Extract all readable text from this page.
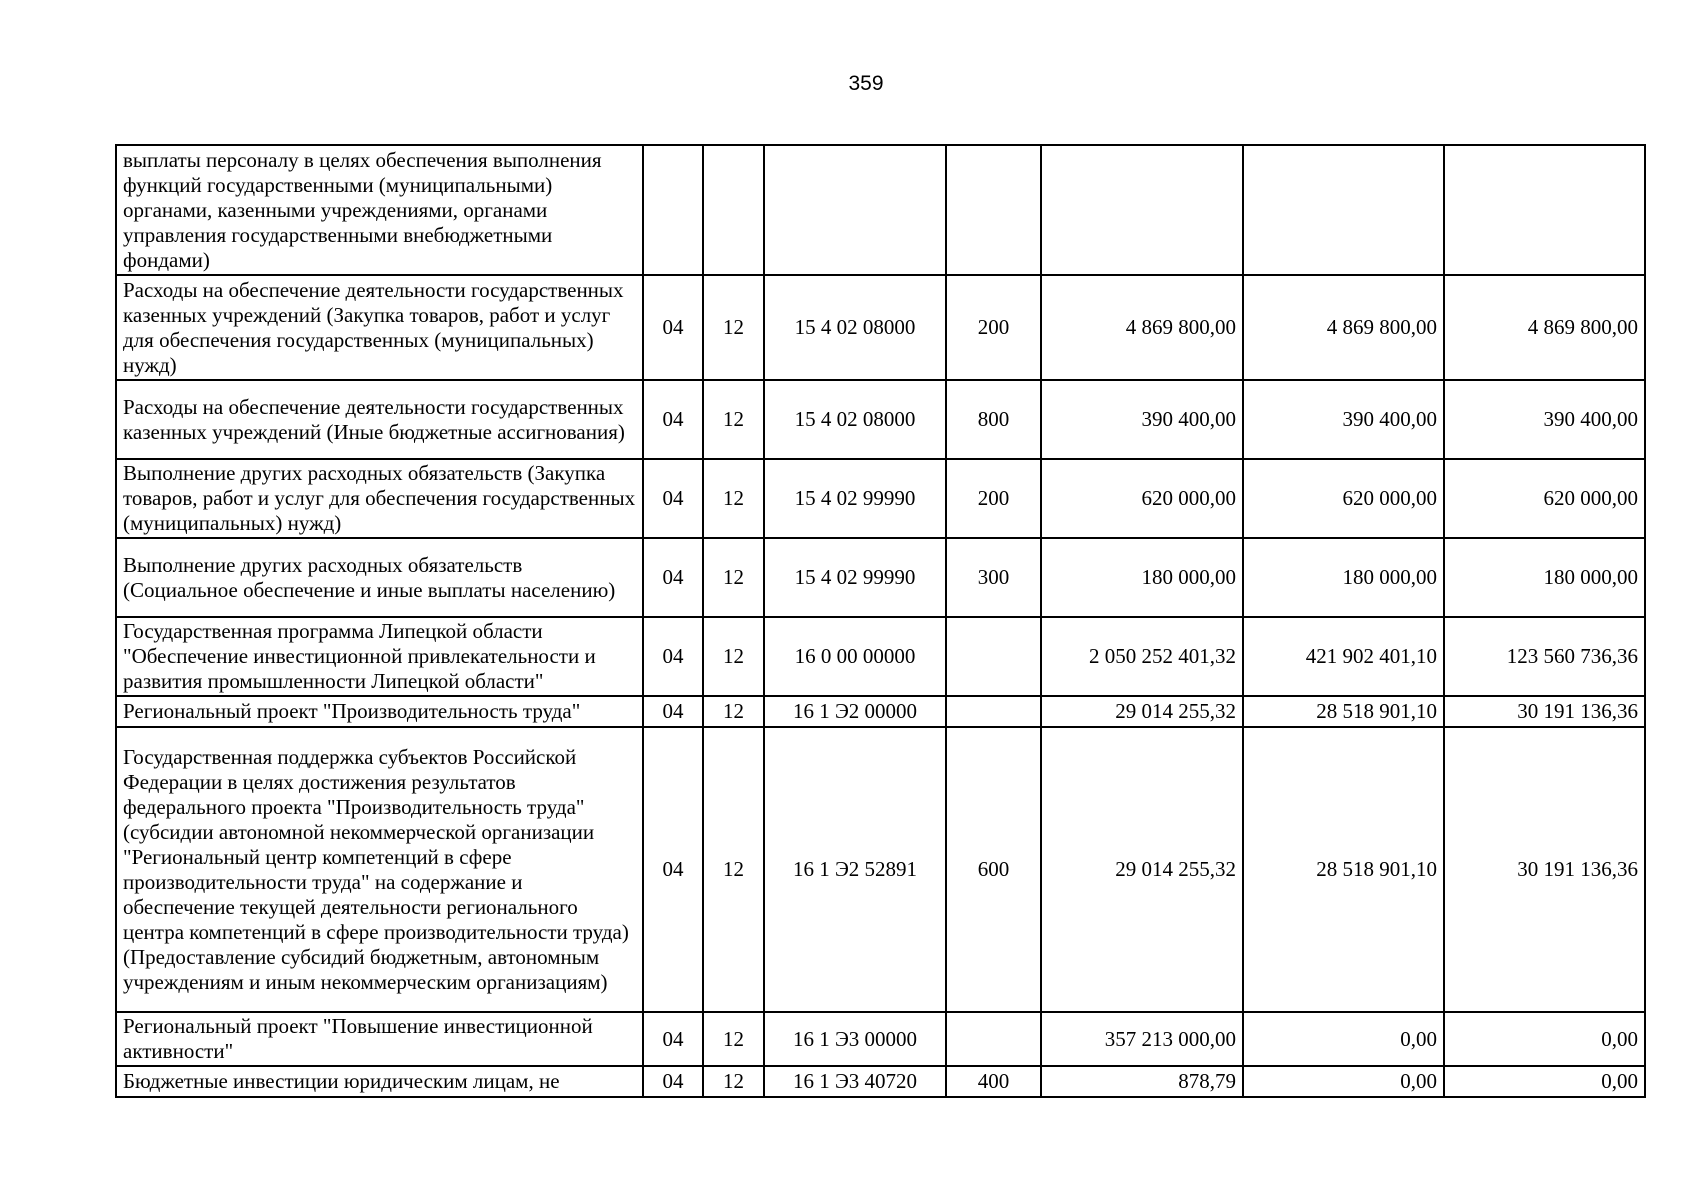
359
выплаты персоналу в целях обеспечения выполнения функций государственными (муниципальными) органами, казенными учреждениями, органами управления государственными внебюджетными фондами)							
Расходы на обеспечение деятельности государственных казенных учреждений (Закупка товаров, работ и услуг для обеспечения государственных (муниципальных) нужд)	04	12	15 4 02 08000	200	4 869 800,00	4 869 800,00	4 869 800,00
Расходы на обеспечение деятельности государственных казенных учреждений (Иные бюджетные ассигнования)	04	12	15 4 02 08000	800	390 400,00	390 400,00	390 400,00
Выполнение других расходных обязательств (Закупка товаров, работ и услуг для обеспечения государственных (муниципальных) нужд)	04	12	15 4 02 99990	200	620 000,00	620 000,00	620 000,00
Выполнение других расходных обязательств (Социальное обеспечение и иные выплаты населению)	04	12	15 4 02 99990	300	180 000,00	180 000,00	180 000,00
Государственная программа Липецкой области "Обеспечение инвестиционной привлекательности и развития промышленности Липецкой области"	04	12	16 0 00 00000		2 050 252 401,32	421 902 401,10	123 560 736,36
Региональный проект "Производительность труда"	04	12	16 1 Э2 00000		29 014 255,32	28 518 901,10	30 191 136,36
Государственная поддержка субъектов Российской Федерации в целях достижения результатов федерального проекта "Производительность труда" (субсидии автономной некоммерческой организации "Региональный центр компетенций в сфере производительности труда" на содержание и обеспечение текущей деятельности регионального центра компетенций в сфере производительности труда) (Предоставление субсидий бюджетным, автономным учреждениям и иным некоммерческим организациям)	04	12	16 1 Э2 52891	600	29 014 255,32	28 518 901,10	30 191 136,36
Региональный проект "Повышение инвестиционной активности"	04	12	16 1 Э3 00000		357 213 000,00	0,00	0,00
Бюджетные инвестиции юридическим лицам, не	04	12	16 1 Э3 40720	400	878,79	0,00	0,00
